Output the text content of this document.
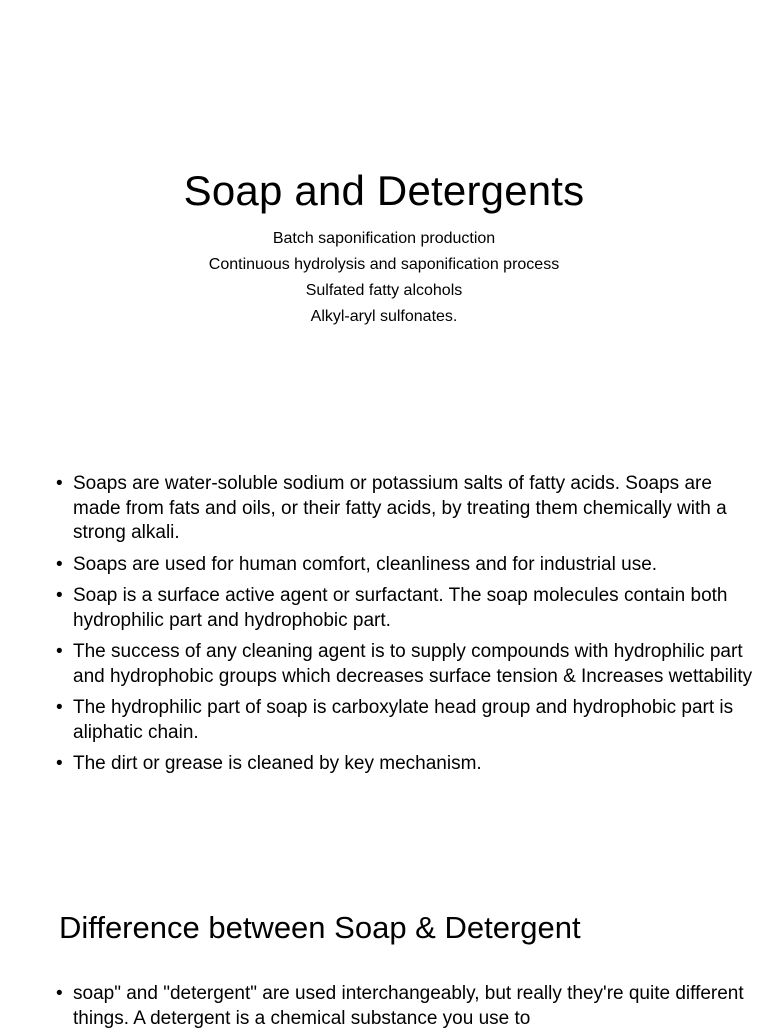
Soap and Detergents
Batch saponification production
Continuous hydrolysis and saponification process
Sulfated fatty alcohols
Alkyl-aryl sulfonates.
• Soaps are water-soluble sodium or potassium salts of fatty acids. Soaps are made from fats and oils, or their fatty acids, by treating them chemically with a strong alkali.
• Soaps are used for human comfort, cleanliness and for industrial use.
• Soap is a surface active agent or surfactant. The soap molecules contain both hydrophilic part and hydrophobic part.
• The success of any cleaning agent is to supply compounds with hydrophilic part and hydrophobic groups which decreases surface tension & Increases wettability
• The hydrophilic part of soap is carboxylate head group and hydrophobic part is aliphatic chain.
• The dirt or grease is cleaned by key mechanism.
Difference between Soap & Detergent
• soap" and "detergent" are used interchangeably, but really they're quite different things. A detergent is a chemical substance you use to
